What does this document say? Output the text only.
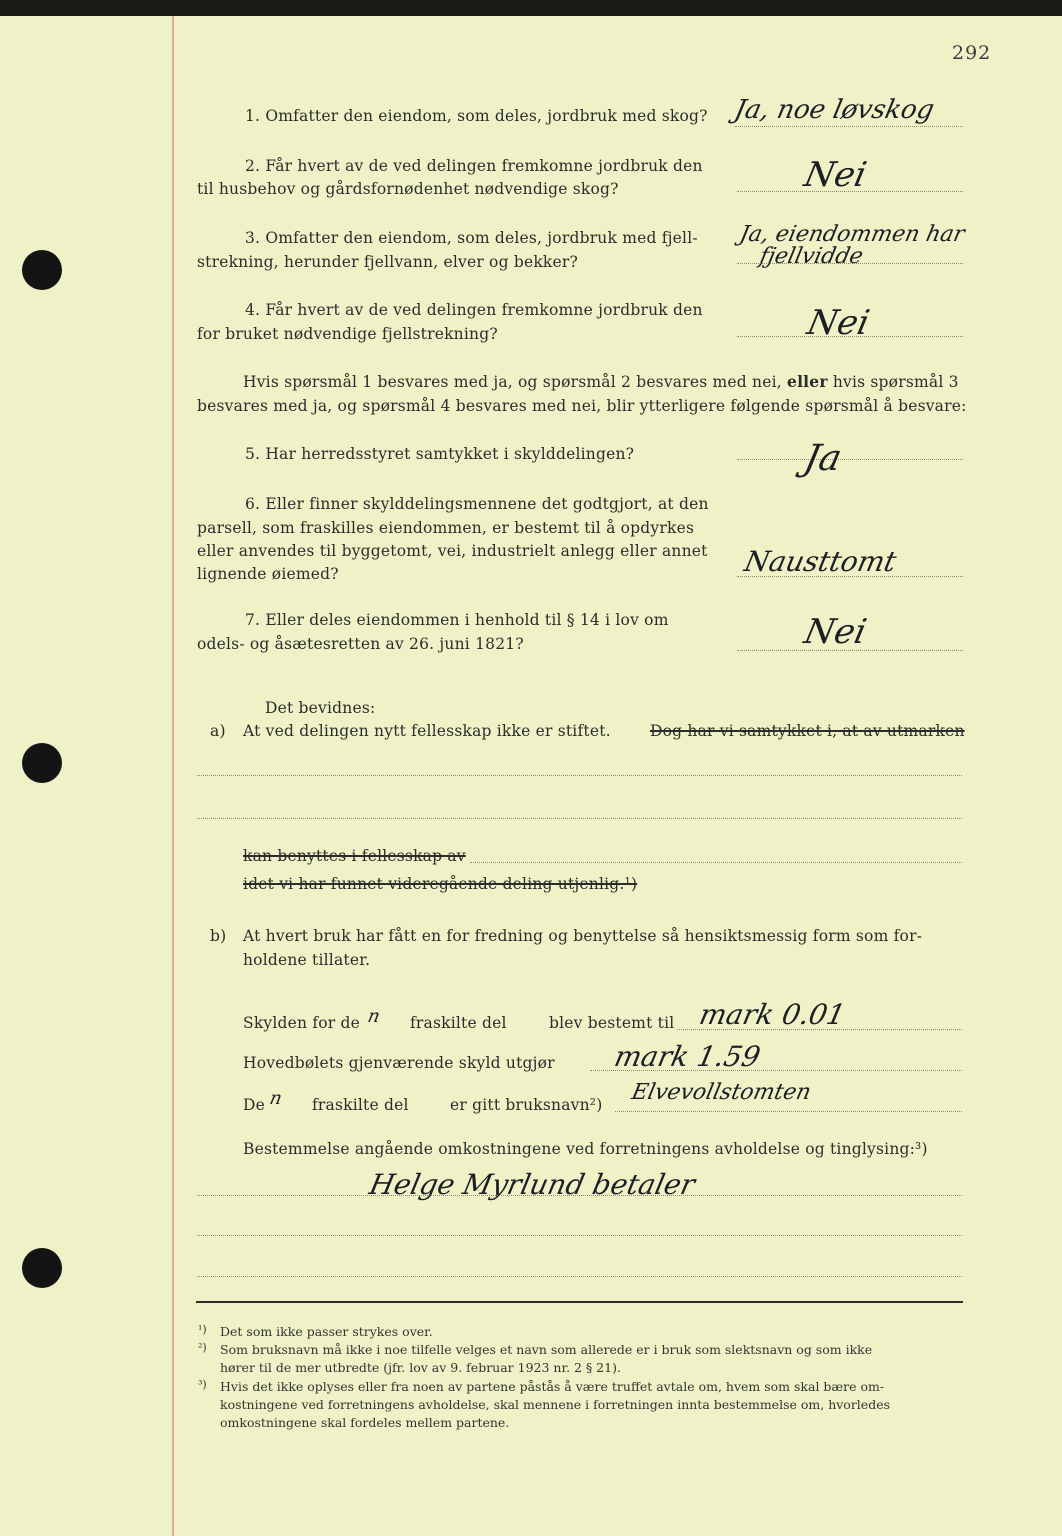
292
1. Omfatter den eiendom, som deles, jordbruk med skog? Ja, noe løvskog
2. Får hvert av de ved delingen fremkomne jordbruk den
til husbehov og gårdsfornødenhet nødvendige skog?	Nei
3. Omfatter den eiendom, som deles, jordbruk med fjell-
strekning, herunder fjellvann, elver og bekker?
Ja, eiendommen har
fjellvidde
4. Får hvert av de ved delingen fremkomne jordbruk den
for bruket nødvendige fjellstrekning?	Nei
Hvis spørsmål 1 besvares med ja, og spørsmål 2 besvares med nei, eller hvis spørsmål 3
besvares med ja, og spørsmål 4 besvares med nei, blir ytterligere følgende spørsmål å besvare:
5. Har herredsstyret samtykket i skylddelingen?	Ja
6. Eller finner skylddelingsmennene det godtgjort, at den
parsell, som fraskilles eiendommen, er bestemt til å opdyrkes
eller anvendes til byggetomt, vei, industrielt anlegg eller annet
lignende øiemed?	Nausttomt
7. Eller deles eiendommen i henhold til § 14 i lov om
odels- og åsætesretten av 26. juni 1821?	Nei
Det bevidnes:
a) At ved delingen nytt fellesskap ikke er stiftet.	Dog har vi samtykket i, at av utmarken
kan benyttes i fellesskap av
idet vi har funnet videregående deling utjenlig.¹)
b) At hvert bruk har fått en for fredning og benyttelse så hensiktsmessig form som for-
holdene tillater.
Skylden for de n fraskilte del	blev bestemt til mark 0.01
Hovedbølets gjenværende skyld utgjør mark 1.59
De n fraskilte del	er gitt bruksnavn²) Elvevollstomten
Bestemmelse angående omkostningene ved forretningens avholdelse og tinglysing:³)
Helge Myrlund betaler
¹) Det som ikke passer strykes over.
²) Som bruksnavn må ikke i noe tilfelle velges et navn som allerede er i bruk som slektsnavn og som ikke
hører til de mer utbredte (jfr. lov av 9. februar 1923 nr. 2 § 21).
³) Hvis det ikke oplyses eller fra noen av partene påstås å være truffet avtale om, hvem som skal bære om-
kostningene ved forretningens avholdelse, skal mennene i forretningen innta bestemmelse om, hvorledes
omkostningene skal fordeles mellem partene.
